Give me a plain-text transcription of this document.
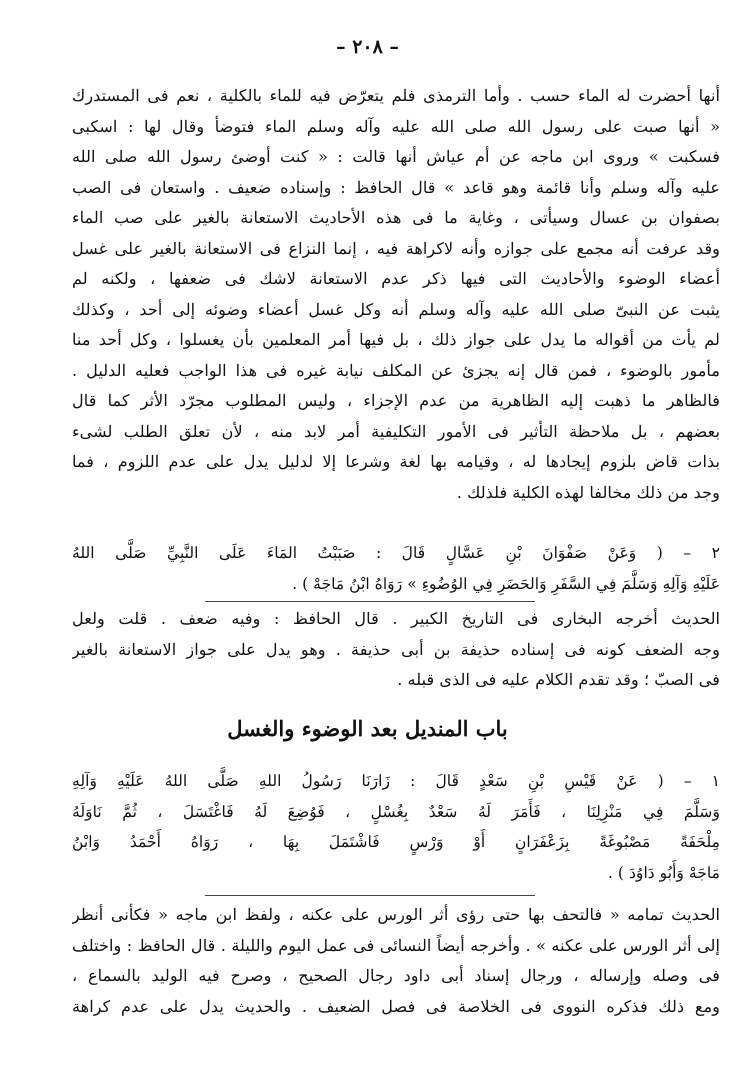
– ٢٠٨ –
أنها أحضرت له الماء حسب . وأما الترمذى فلم يتعرّض فيه للماء بالكلية ، نعم فى المستدرك
« أنها صبت على رسول الله صلى الله عليه وآله وسلم الماء فتوضأ وقال لها : اسكبى
فسكبت » وروى ابن ماجه عن أم عياش أنها قالت : « كنت أوضئ رسول الله صلى الله
عليه وآله وسلم وأنا قائمة وهو قاعد » قال الحافظ : وإسناده ضعيف . واستعان فى الصب
بصفوان بن عسال وسيأتى ، وغاية ما فى هذه الأحاديث الاستعانة بالغير على صب الماء
وقد عرفت أنه مجمع على جوازه وأنه لاكراهة فيه ، إنما النزاع فى الاستعانة بالغير على غسل
أعضاء الوضوء والأحاديث التى فيها ذكر عدم الاستعانة لاشك فى ضعفها ، ولكنه لم
يثبت عن النبىّ صلى الله عليه وآله وسلم أنه وكل غسل أعضاء وضوئه إلى أحد ، وكذلك
لم يأت من أقواله ما يدل على جواز ذلك ، بل فيها أمر المعلمين بأن يغسلوا ، وكل أحد منا
مأمور بالوضوء ، فمن قال إنه يجزئ عن المكلف نيابة غيره فى هذا الواجب فعليه الدليل .
فالظاهر ما ذهبت إليه الظاهرية من عدم الإجزاء ، وليس المطلوب مجرّد الأثر كما قال
بعضهم ، بل ملاحظة التأثير فى الأمور التكليفية أمر لابد منه ، لأن تعلق الطلب لشىء
بذات قاض بلزوم إيجادها له ، وقيامه بها لغة وشرعا إلا لدليل يدل على عدم اللزوم ، فما
وجد من ذلك مخالفا لهذه الكلية فلذلك .
٢ – ( وَعَنْ صَفْوَانَ بْنِ عَسَّالٍ قَالَ : صَبَبْتُ المَاءَ عَلَى النَّبِيِّ صَلَّى اللهُ
عَلَيْهِ وَآلِهِ وَسَلَّمَ فِي السَّفَرِ وَالحَضَرِ فِي الوُضُوءِ » رَوَاهُ ابْنُ مَاجَهْ ) .
الحديث أخرجه البخارى فى التاريخ الكبير . قال الحافظ : وفيه ضعف . قلت ولعل
وجه الضعف كونه فى إسناده حذيفة بن أبى حذيفة . وهو يدل على جواز الاستعانة بالغير
فى الصبّ ؛ وقد تقدم الكلام عليه فى الذى قبله .
باب المنديل بعد الوضوء والغسل
١ – ( عَنْ قَيْسِ بْنِ سَعْدٍ قَالَ : زَارَنَا رَسُولُ اللهِ صَلَّى اللهُ عَلَيْهِ وَآلِهِ
وَسَلَّمَ فِي مَنْزِلِنَا ، فَأَمَرَ لَهُ سَعْدٌ بِغُسْلٍ ، فَوُضِعَ لَهُ فَاغْتَسَلَ ، ثُمَّ نَاوَلَهُ
مِلْحَفَةً مَصْبُوغَةً بِزَعْفَرَانٍ أَوْ وَرْسٍ فَاشْتَمَلَ بِهَا ، رَوَاهُ أَحْمَدُ وَابْنُ
مَاجَهْ وَأَبُو دَاوُدَ ) .
الحديث تمامه « فالتحف بها حتى رؤى أثر الورس على عكنه ، ولفظ ابن ماجه « فكأنى أنظر
إلى أثر الورس على عكنه » . وأخرجه أيضاً النسائى فى عمل اليوم والليلة . قال الحافظ : واختلف
فى وصله وإرساله ، ورجال إسناد أبى داود رجال الصحيح ، وصرح فيه الوليد بالسماع ،
ومع ذلك فذكره النووى فى الخلاصة فى فصل الضعيف . والحديث يدل على عدم كراهة
